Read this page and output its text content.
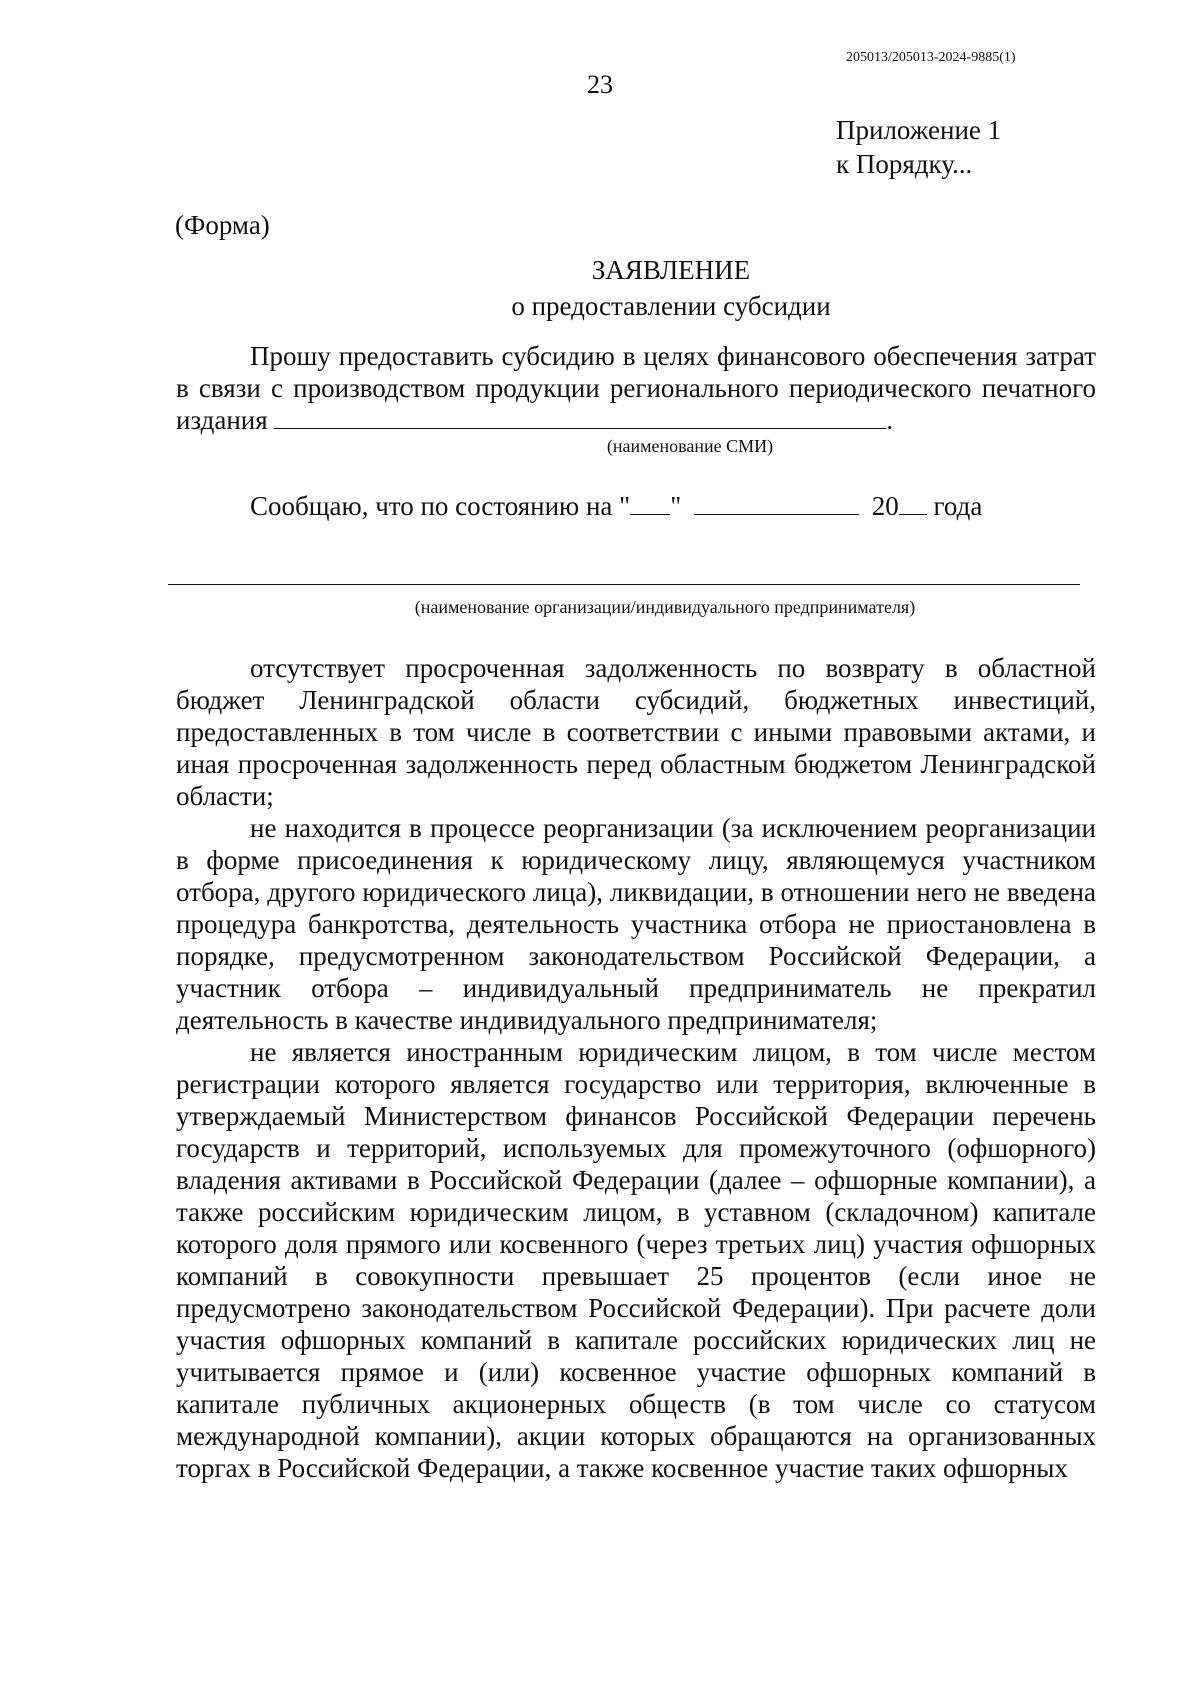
205013/205013-2024-9885(1)
23
Приложение 1
к Порядку...
(Форма)
ЗАЯВЛЕНИЕ
о предоставлении субсидии
Прошу предоставить субсидию в целях финансового обеспечения затрат в связи с производством продукции регионального периодического печатного издания	.
(наименование СМИ)
Сообщаю, что по состоянию на " "	20 года
(наименование организации/индивидуального предпринимателя)

отсутствует просроченная задолженность по возврату в областной бюджет Ленинградской области субсидий, бюджетных инвестиций, предоставленных в том числе в соответствии с иными правовыми актами, и иная просроченная задолженность перед областным бюджетом Ленинградской области;

не находится в процессе реорганизации (за исключением реорганизации в форме присоединения к юридическому лицу, являющемуся участником отбора, другого юридического лица), ликвидации, в отношении него не введена процедура банкротства, деятельность участника отбора не приостановлена в порядке, предусмотренном законодательством Российской Федерации, а участник отбора – индивидуальный предприниматель не прекратил деятельность в качестве индивидуального предпринимателя;

не является иностранным юридическим лицом, в том числе местом регистрации которого является государство или территория, включенные в утверждаемый Министерством финансов Российской Федерации перечень государств и территорий, используемых для промежуточного (офшорного) владения активами в Российской Федерации (далее – офшорные компании), а также российским юридическим лицом, в уставном (складочном) капитале которого доля прямого или косвенного (через третьих лиц) участия офшорных компаний в совокупности превышает 25 процентов (если иное не предусмотрено законодательством Российской Федерации). При расчете доли участия офшорных компаний в капитале российских юридических лиц не учитывается прямое и (или) косвенное участие офшорных компаний в капитале публичных акционерных обществ (в том числе со статусом международной компании), акции которых обращаются на организованных торгах в Российской Федерации, а также косвенное участие таких офшорных
